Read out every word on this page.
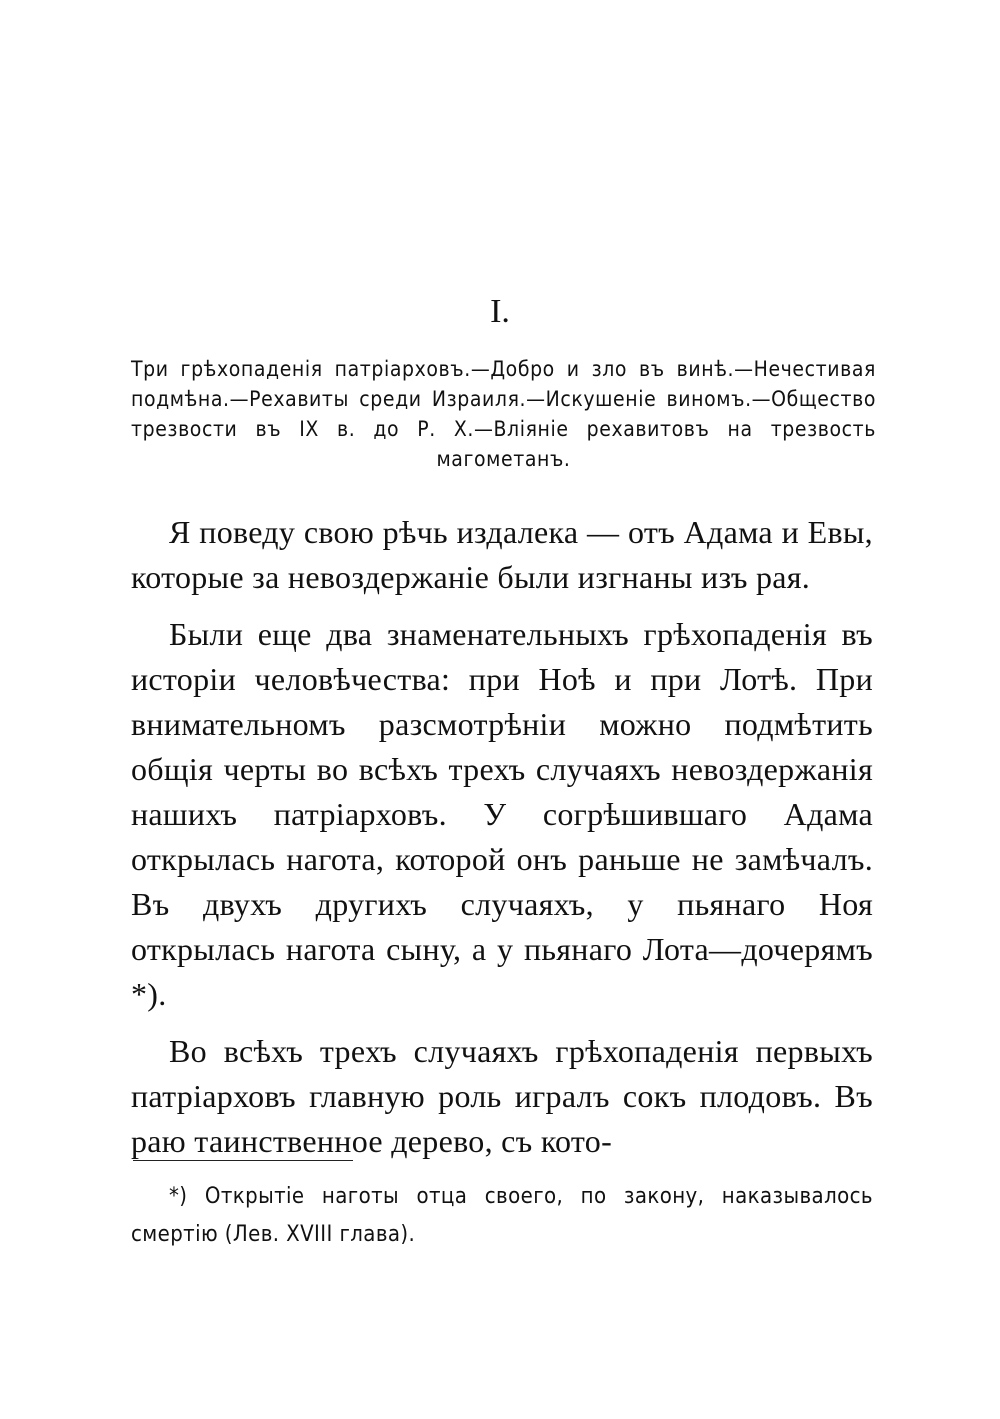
I.

Три грѣхопаденія патріарховъ.—Добро и зло въ винѣ.—Нечестивая подмѣна.—Рехавиты среди Израиля.—Искушеніе виномъ.—Общество трезвости въ IX в. до Р. Х.—Вліяніе рехавитовъ на трезвость магометанъ.

Я поведу свою рѣчь издалека — отъ Адама и Евы, которые за невоздержаніе были изгнаны изъ рая.

Были еще два знаменательныхъ грѣхопаденія въ исторіи человѣчества: при Ноѣ и при Лотѣ. При внимательномъ разсмотрѣніи можно подмѣтить общія черты во всѣхъ трехъ случаяхъ невоздержанія нашихъ патріарховъ. У согрѣшившаго Адама открылась нагота, которой онъ раньше не замѣчалъ. Въ двухъ другихъ случаяхъ, у пьянаго Ноя открылась нагота сыну, а у пьянаго Лота—дочерямъ *).

Во всѣхъ трехъ случаяхъ грѣхопаденія первыхъ патріарховъ главную роль игралъ сокъ плодовъ. Въ раю таинственное дерево, съ кото-

*) Открытіе наготы отца своего, по закону, наказывалось смертію (Лев. XVIII глава).
